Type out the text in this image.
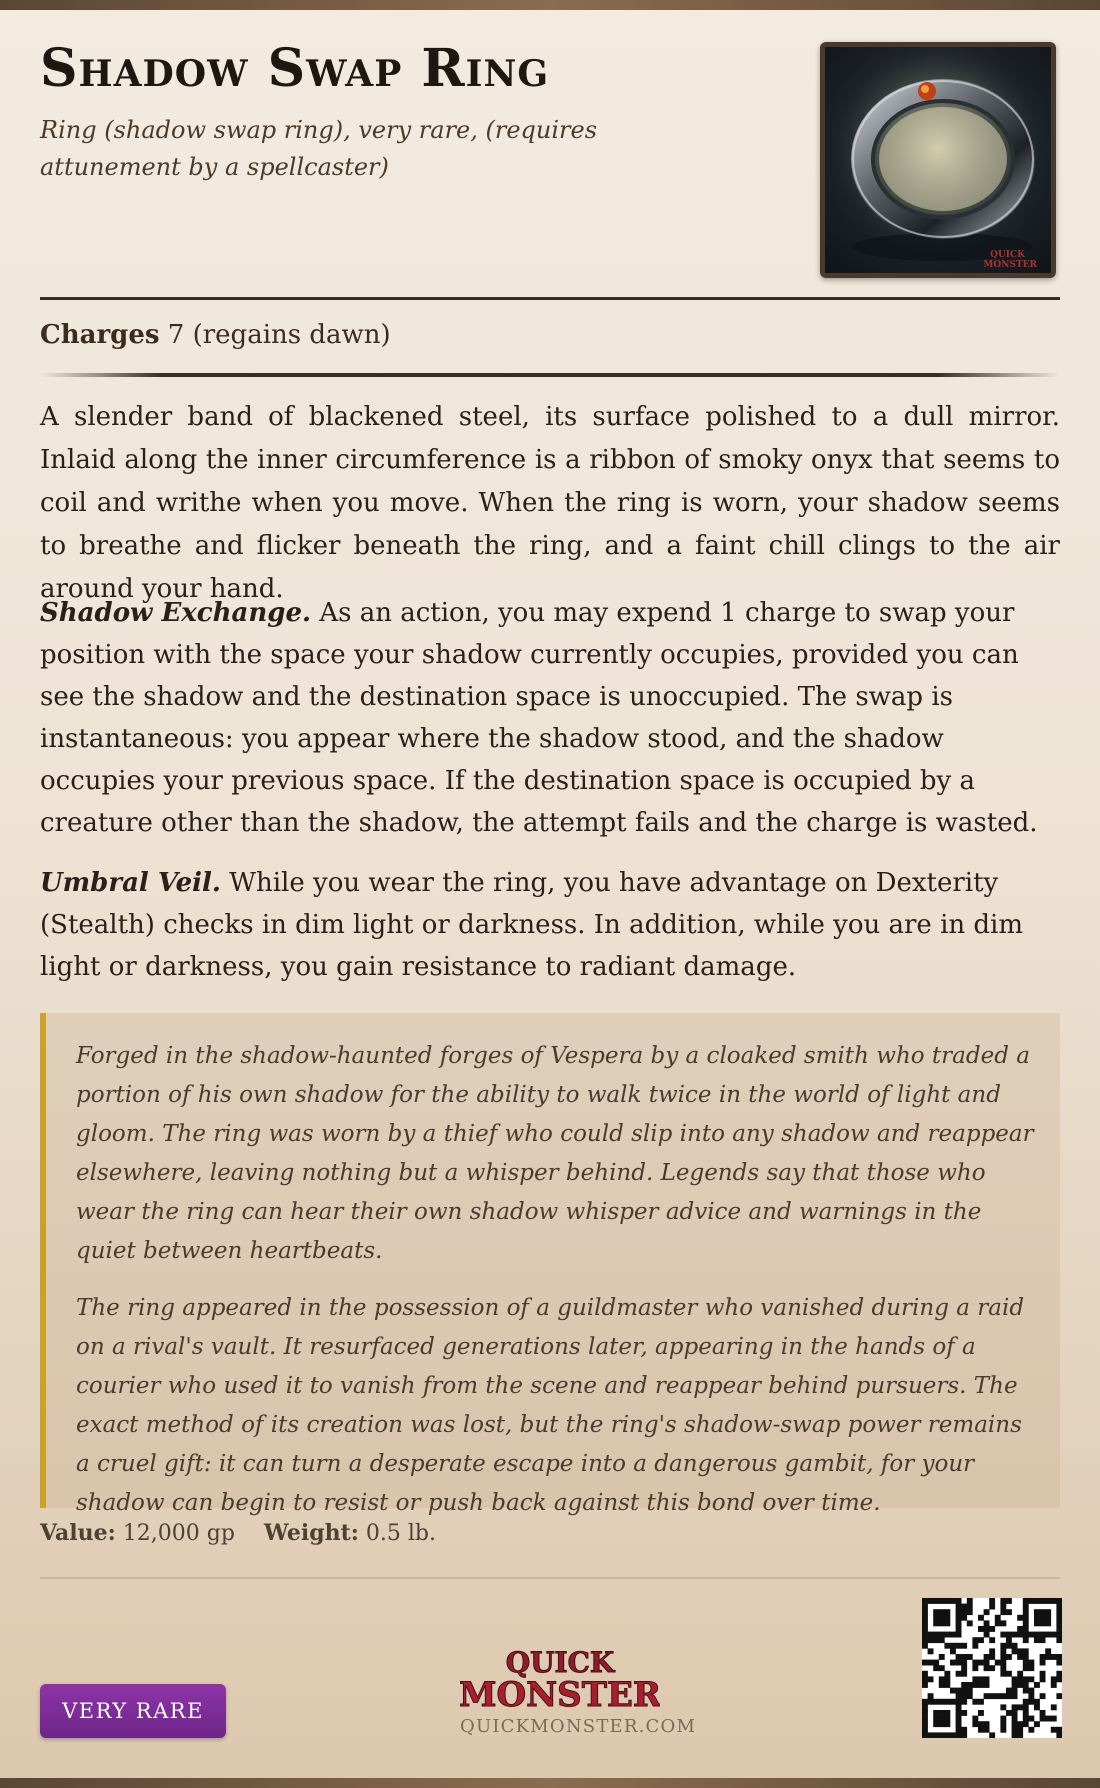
Shadow Swap Ring

Ring (shadow swap ring), very rare, (requires attunement by a spellcaster)

QUICK
MONSTER

Charges 7 (regains dawn)

A slender band of blackened steel, its surface polished to a dull mirror. Inlaid along the inner circumference is a ribbon of smoky onyx that seems to coil and writhe when you move. When the ring is worn, your shadow seems to breathe and flicker beneath the ring, and a faint chill clings to the air around your hand.

Shadow Exchange. As an action, you may expend 1 charge to swap your position with the space your shadow currently occupies, provided you can see the shadow and the destination space is unoccupied. The swap is instantaneous: you appear where the shadow stood, and the shadow occupies your previous space. If the destination space is occupied by a creature other than the shadow, the attempt fails and the charge is wasted.

Umbral Veil. While you wear the ring, you have advantage on Dexterity (Stealth) checks in dim light or darkness. In addition, while you are in dim light or darkness, you gain resistance to radiant damage.

Forged in the shadow-haunted forges of Vespera by a cloaked smith who traded a portion of his own shadow for the ability to walk twice in the world of light and gloom. The ring was worn by a thief who could slip into any shadow and reappear elsewhere, leaving nothing but a whisper behind. Legends say that those who wear the ring can hear their own shadow whisper advice and warnings in the quiet between heartbeats.

The ring appeared in the possession of a guildmaster who vanished during a raid on a rival's vault. It resurfaced generations later, appearing in the hands of a courier who used it to vanish from the scene and reappear behind pursuers. The exact method of its creation was lost, but the ring's shadow-swap power remains a cruel gift: it can turn a desperate escape into a dangerous gambit, for your shadow can begin to resist or push back against this bond over time.

Value: 12,000 gp Weight: 0.5 lb.

VERY RARE
QUICK
MONSTER
QUICKMONSTER.COM
